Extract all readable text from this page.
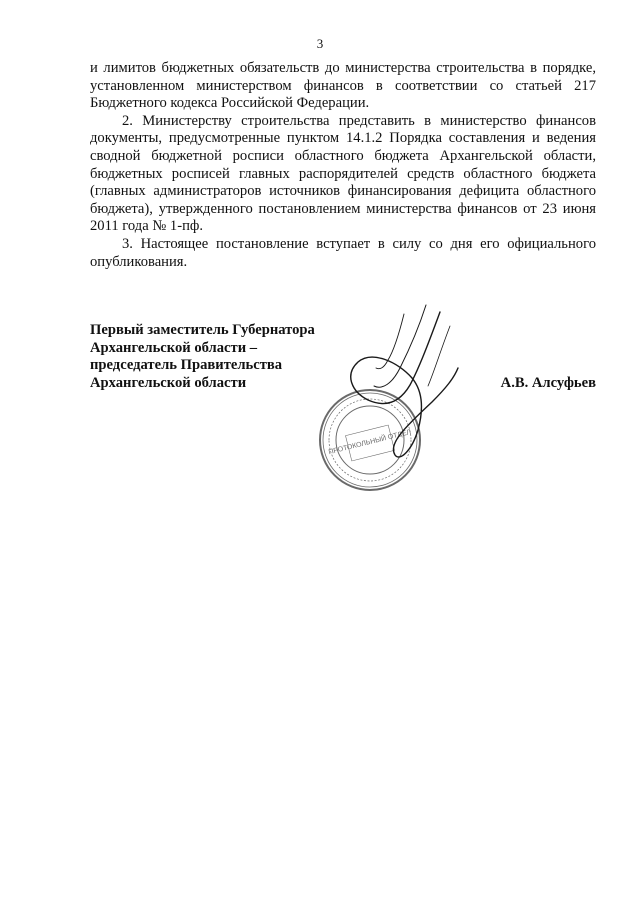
3

и лимитов бюджетных обязательств до министерства строительства в порядке, установленном министерством финансов в соответствии со статьей 217 Бюджетного кодекса Российской Федерации.

2. Министерству строительства представить в министерство финансов документы, предусмотренные пунктом 14.1.2 Порядка составления и ведения сводной бюджетной росписи областного бюджета Архангельской области, бюджетных росписей главных распорядителей средств областного бюджета (главных администраторов источников финансирования дефицита областного бюджета), утвержденного постановлением министерства финансов от 23 июня 2011 года № 1-пф.

3. Настоящее постановление вступает в силу со дня его официального опубликования.

Первый заместитель Губернатора
Архангельской области –
председатель Правительства
Архангельской области	А.В. Алсуфьев
ПРОТОКОЛЬНЫЙ ОТДЕЛ
